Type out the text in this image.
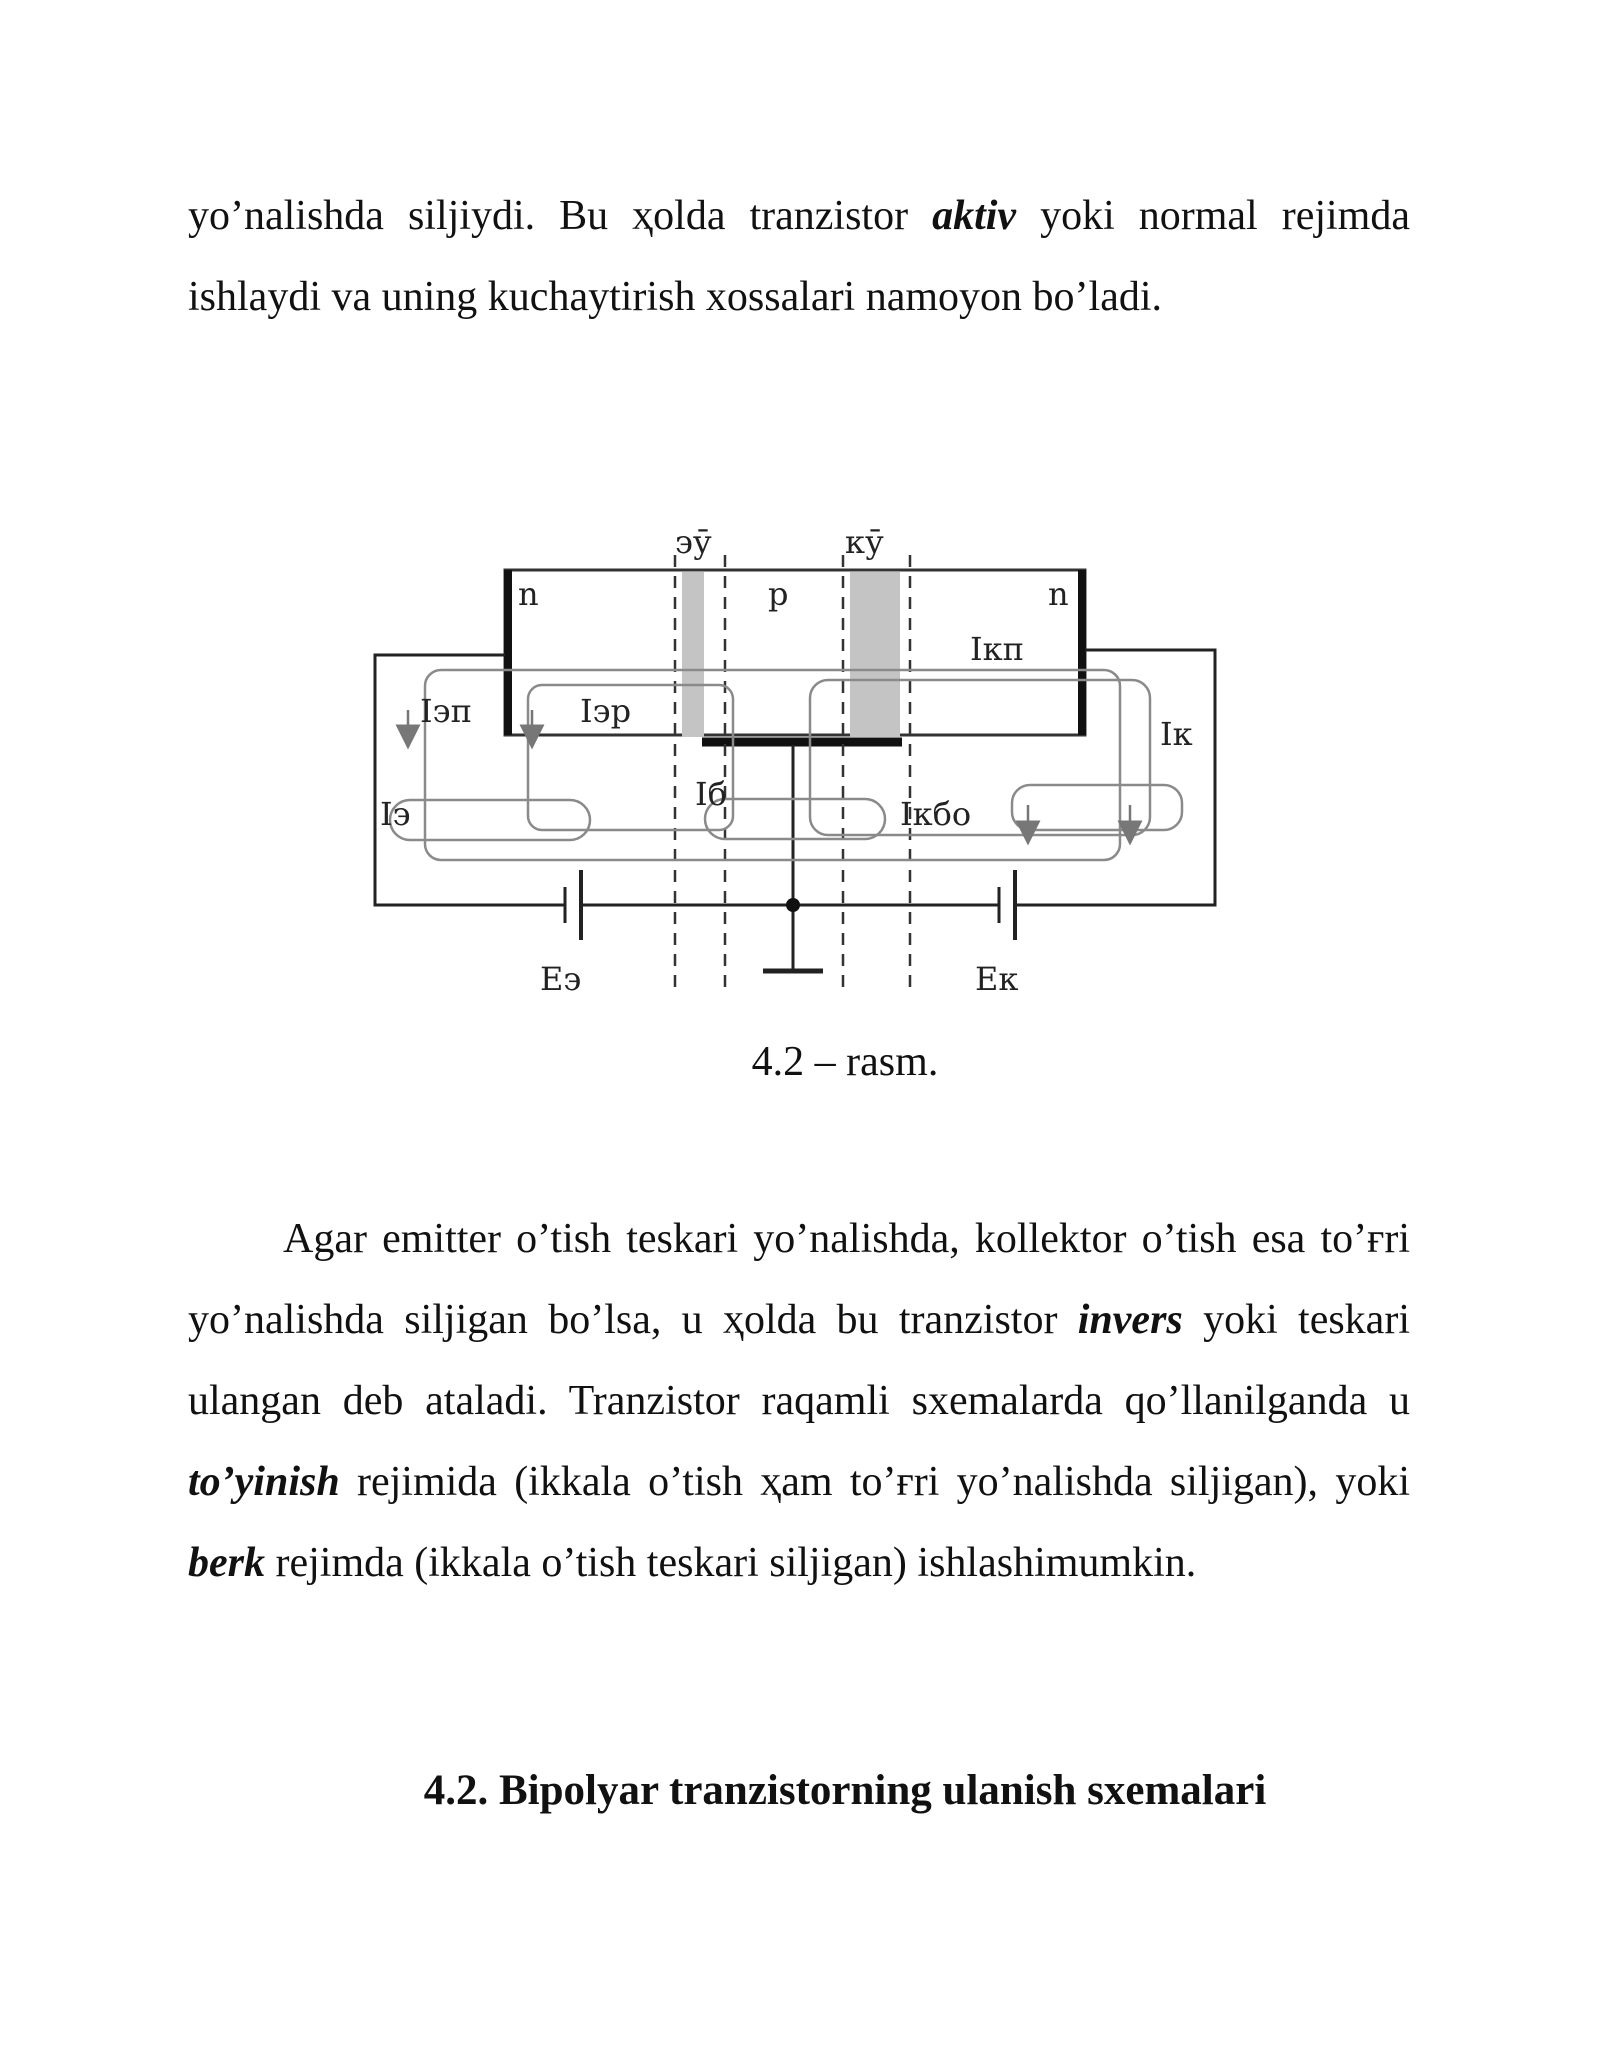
yo’nalishda siljiydi. Bu ҳolda tranzistor aktiv yoki normal rejimda ishlaydi va uning kuchaytirish xossalari namoyon bo’ladi.

эӯ	кӯ
n	p	n
Iэп	Iэр
Iкп
Iк
Iэ
Iб
Iкбо
Eэ	Eк

4.2 – rasm.

Agar emitter o’tish teskari yo’nalishda, kollektor o’tish esa to’ғri yo’nalishda siljigan bo’lsa, u ҳolda bu tranzistor invers yoki teskari ulangan deb ataladi. Tranzistor raqamli sxemalarda qo’llanilganda u to’yinish rejimida (ikkala o’tish ҳam to’ғri yo’nalishda siljigan), yoki berk rejimda (ikkala o’tish teskari siljigan) ishlashimumkin.

4.2. Bipolyar tranzistorning ulanish sxemalari
